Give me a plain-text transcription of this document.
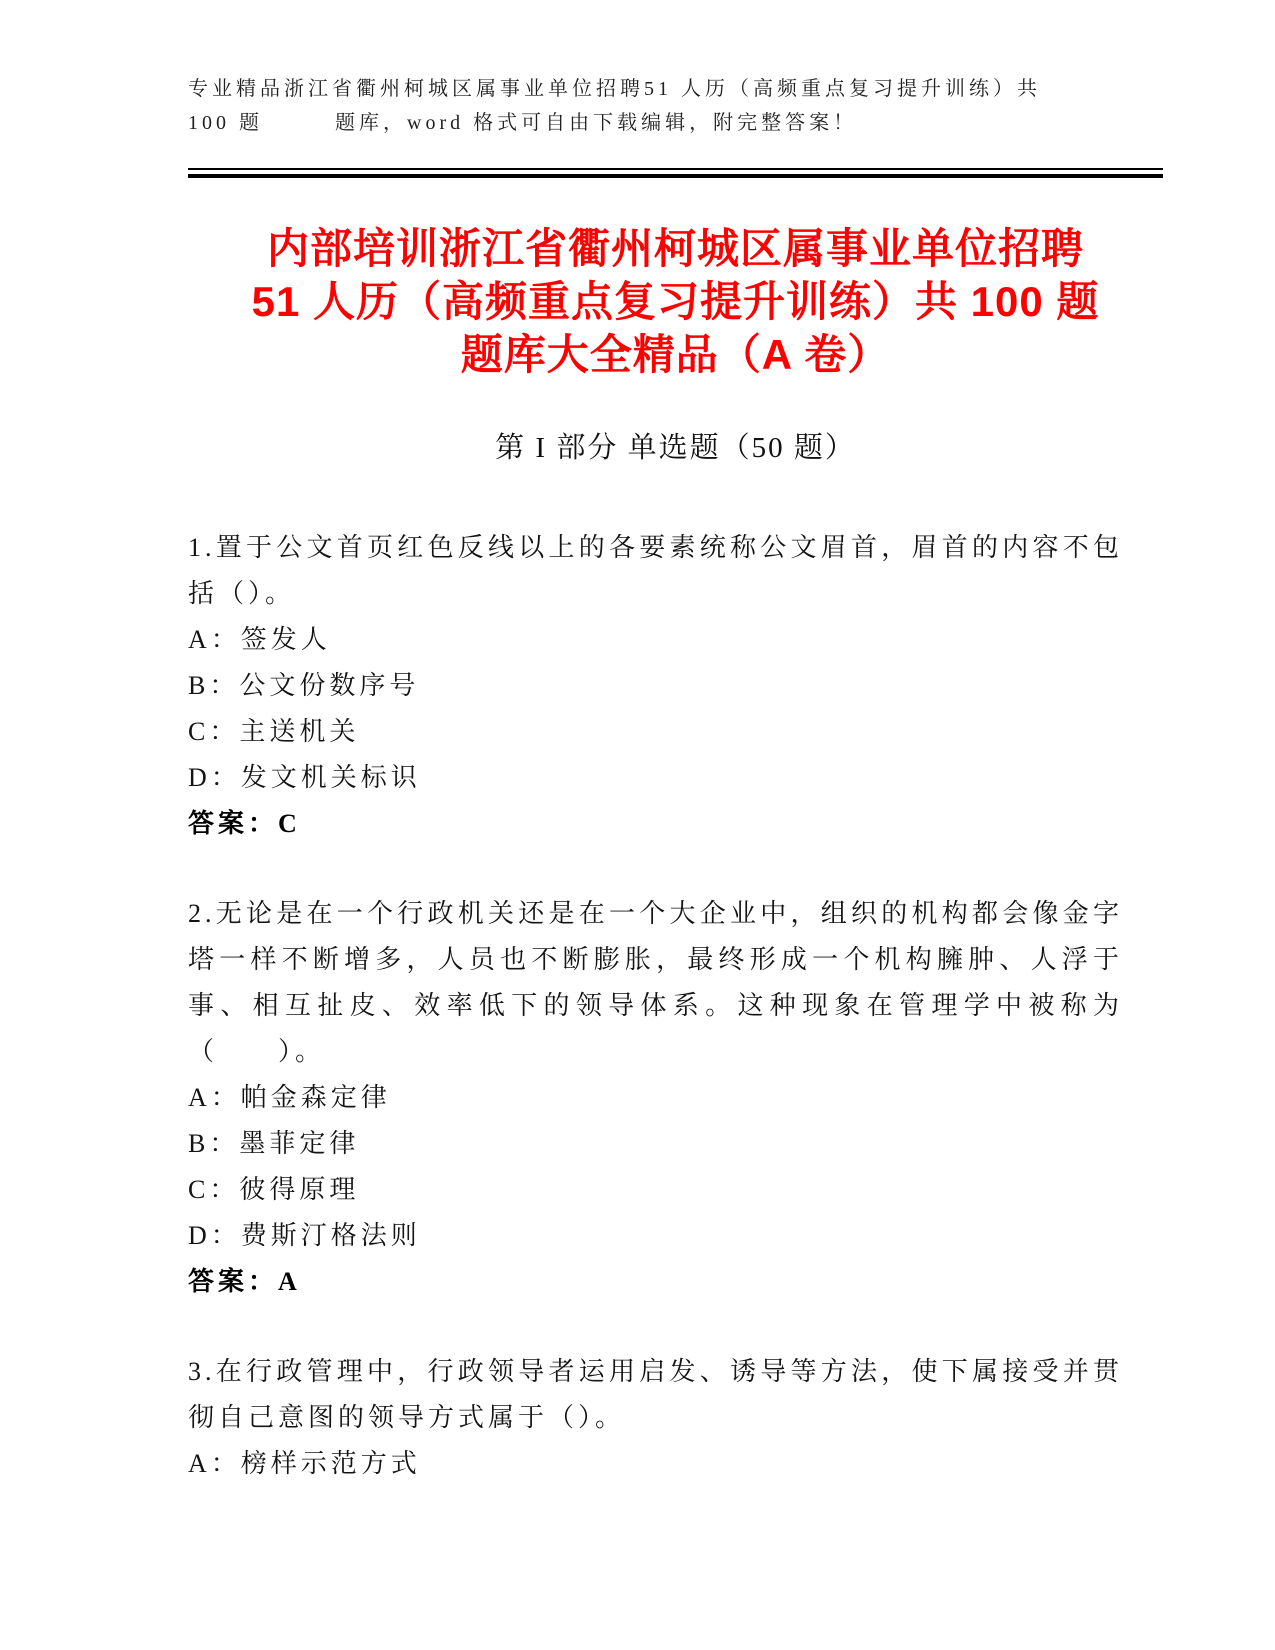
专业精品浙江省衢州柯城区属事业单位招聘51 人历（高频重点复习提升训练）共
100 题　　　题库，word 格式可自由下载编辑，附完整答案！
内部培训浙江省衢州柯城区属事业单位招聘
51 人历（高频重点复习提升训练）共 100 题
题库大全精品（A 卷）
第 I 部分 单选题（50 题）
1.置于公文首页红色反线以上的各要素统称公文眉首，眉首的内容不包括（）。
A：签发人
B：公文份数序号
C：主送机关
D：发文机关标识
答案：C
2.无论是在一个行政机关还是在一个大企业中，组织的机构都会像金字塔一样不断增多，人员也不断膨胀，最终形成一个机构臃肿、人浮于事、相互扯皮、效率低下的领导体系。这种现象在管理学中被称为（　　）。
A：帕金森定律
B：墨菲定律
C：彼得原理
D：费斯汀格法则
答案：A
3.在行政管理中，行政领导者运用启发、诱导等方法，使下属接受并贯彻自己意图的领导方式属于（）。
A：榜样示范方式
